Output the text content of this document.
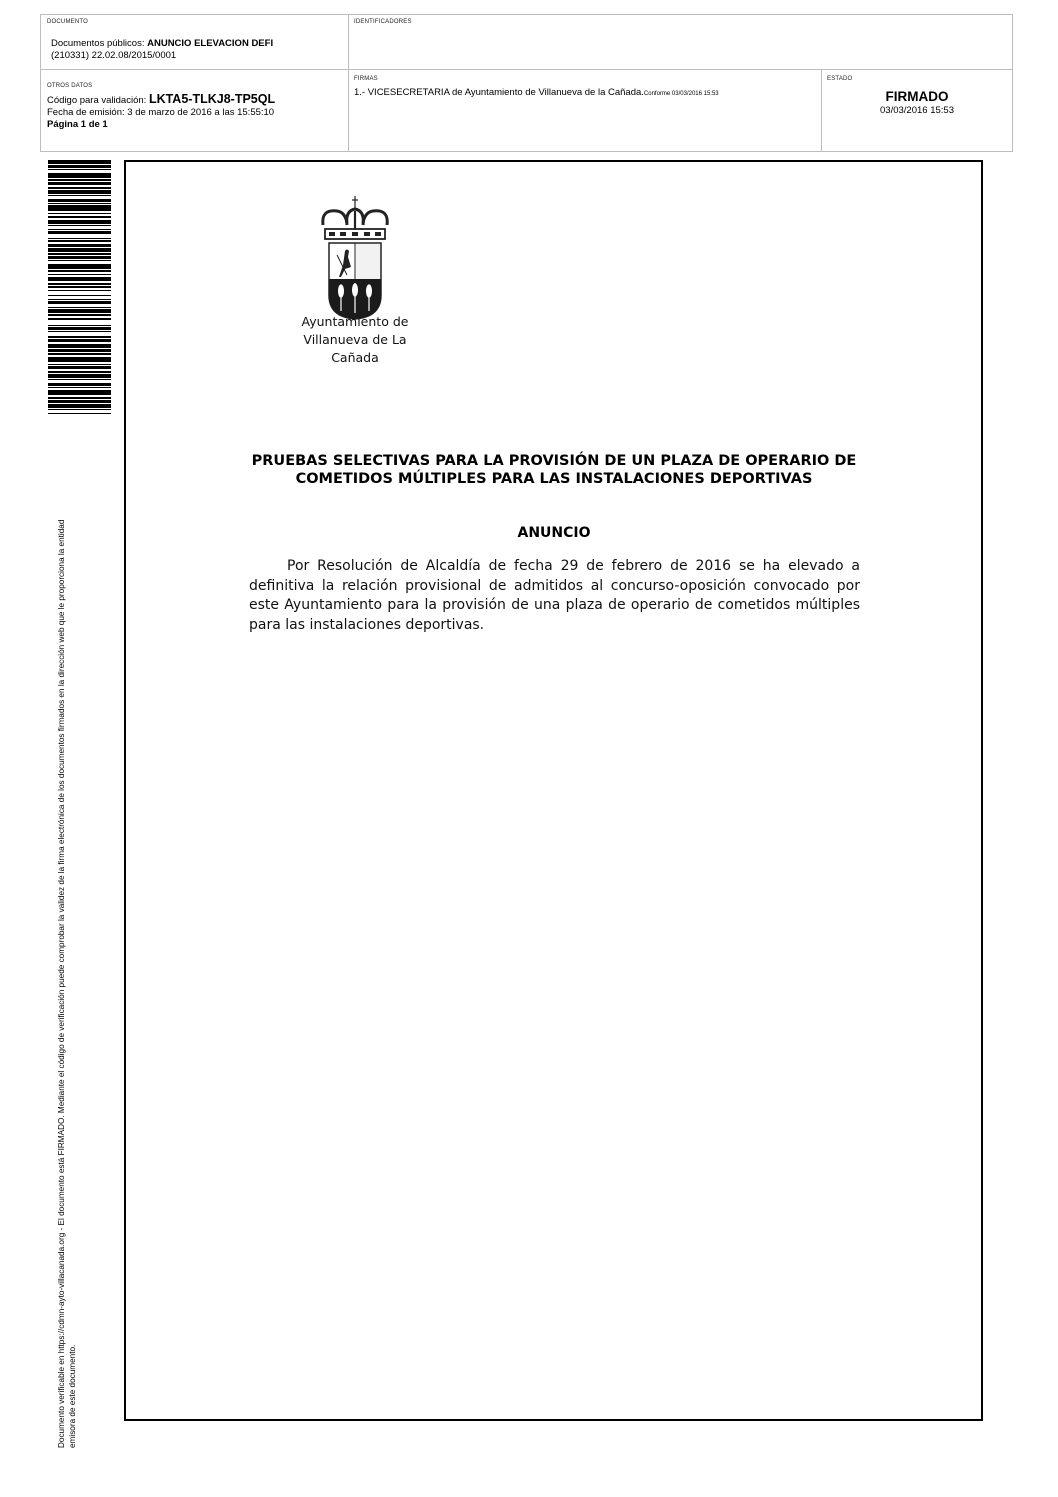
DOCUMENTO
Documentos públicos: ANUNCIO ELEVACION DEFI
(210331) 22.02.08/2015/0001
IDENTIFICADORES
OTROS DATOS
Código para validación: LKTA5-TLKJ8-TP5QL
Fecha de emisión: 3 de marzo de 2016 a las 15:55:10
Página 1 de 1
FIRMAS
1.- VICESECRETARIA de Ayuntamiento de Villanueva de la Cañada.Conforme 03/03/2016 15:53
ESTADO
FIRMADO
03/03/2016 15:53
Documento verificable en https://cdmn-ayto-villacanada.org - El documento está FIRMADO. Mediante el código de verificación puede comprobar la validez de la firma electrónica de los documentos firmados en la dirección web que le proporciona la entidad emisora de este documento.
Ayuntamiento de
Villanueva de La Cañada
PRUEBAS SELECTIVAS PARA LA PROVISIÓN DE UN PLAZA DE OPERARIO DE
COMETIDOS MÚLTIPLES PARA LAS INSTALACIONES DEPORTIVAS
ANUNCIO
Por Resolución de Alcaldía de fecha 29 de febrero de 2016 se ha elevado a definitiva la relación provisional de admitidos al concurso-oposición convocado por este Ayuntamiento para la provisión de una plaza de operario de cometidos múltiples para las instalaciones deportivas.
